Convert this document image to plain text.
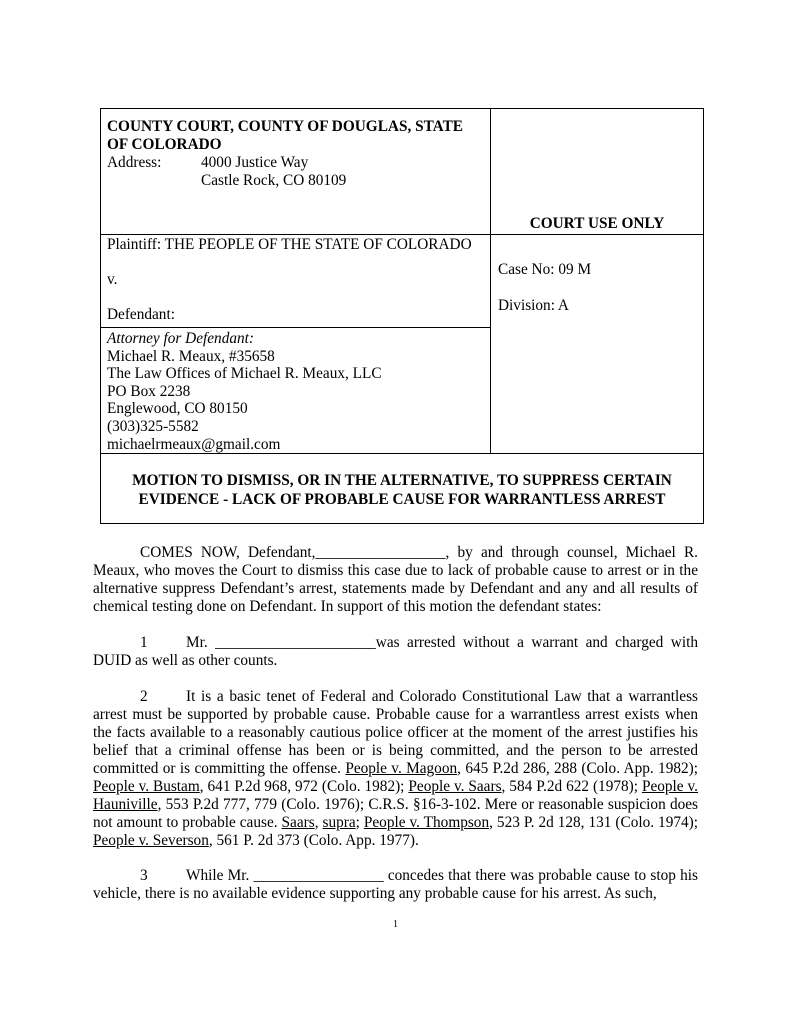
COUNTY COURT, COUNTY OF DOUGLAS, STATE
OF COLORADO
Address:	4000 Justice Way
Castle Rock, CO 80109
COURT USE ONLY
Plaintiff: THE PEOPLE OF THE STATE OF COLORADO
v.
Defendant:
Case No: 09 M
Division: A
Attorney for Defendant:
Michael R. Meaux, #35658
The Law Offices of Michael R. Meaux, LLC
PO Box 2238
Englewood, CO 80150
(303)325-5582
michaelrmeaux@gmail.com
MOTION TO DISMISS, OR IN THE ALTERNATIVE, TO SUPPRESS CERTAIN
EVIDENCE - LACK OF PROBABLE CAUSE FOR WARRANTLESS ARREST
COMES NOW, Defendant,_________________, by and through counsel, Michael R. Meaux, who moves the Court to dismiss this case due to lack of probable cause to arrest or in the alternative suppress Defendant’s arrest, statements made by Defendant and any and all results of chemical testing done on Defendant. In support of this motion the defendant states:
1	Mr. _____________________was arrested without a warrant and charged with DUID as well as other counts.
2	It is a basic tenet of Federal and Colorado Constitutional Law that a warrantless arrest must be supported by probable cause. Probable cause for a warrantless arrest exists when the facts available to a reasonably cautious police officer at the moment of the arrest justifies his belief that a criminal offense has been or is being committed, and the person to be arrested committed or is committing the offense. People v. Magoon, 645 P.2d 286, 288 (Colo. App. 1982); People v. Bustam, 641 P.2d 968, 972 (Colo. 1982); People v. Saars, 584 P.2d 622 (1978); People v. Hauniville, 553 P.2d 777, 779 (Colo. 1976); C.R.S. §16-3-102. Mere or reasonable suspicion does not amount to probable cause. Saars, supra; People v. Thompson, 523 P. 2d 128, 131 (Colo. 1974); People v. Severson, 561 P. 2d 373 (Colo. App. 1977).
3	While Mr. _________________ concedes that there was probable cause to stop his vehicle, there is no available evidence supporting any probable cause for his arrest. As such,
1
